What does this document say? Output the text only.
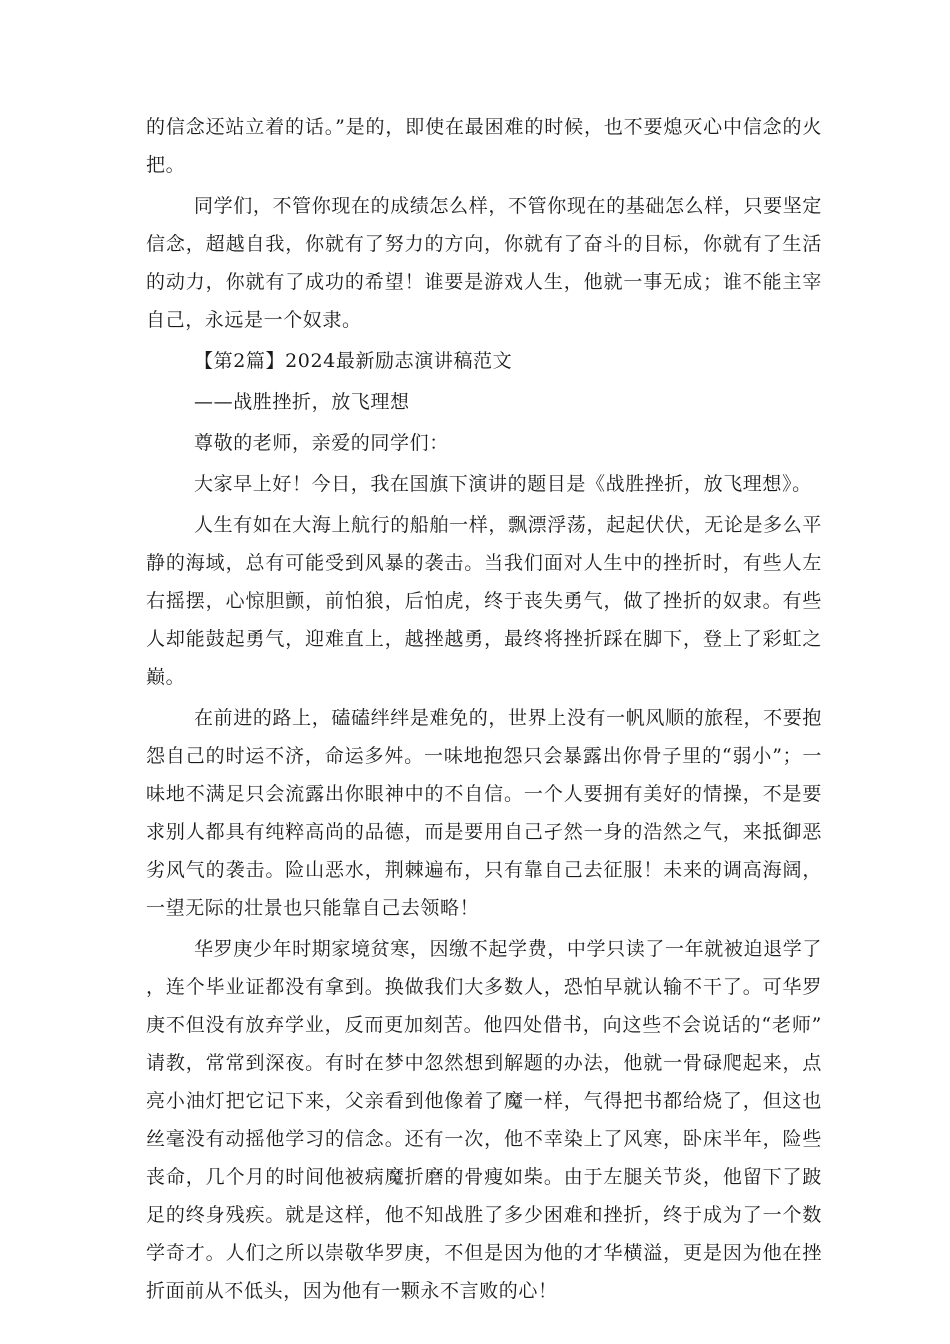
的信念还站立着的话。”是的，即使在最困难的时候，也不要熄灭心中信念的火把。

同学们，不管你现在的成绩怎么样，不管你现在的基础怎么样，只要坚定信念，超越自我，你就有了努力的方向，你就有了奋斗的目标，你就有了生活的动力，你就有了成功的希望！谁要是游戏人生，他就一事无成；谁不能主宰自己，永远是一个奴隶。

【第2篇】2024最新励志演讲稿范文

——战胜挫折，放飞理想

尊敬的老师，亲爱的同学们：

大家早上好！今日，我在国旗下演讲的题目是《战胜挫折，放飞理想》。

人生有如在大海上航行的船舶一样，飘漂浮荡，起起伏伏，无论是多么平静的海域，总有可能受到风暴的袭击。当我们面对人生中的挫折时，有些人左右摇摆，心惊胆颤，前怕狼，后怕虎，终于丧失勇气，做了挫折的奴隶。有些人却能鼓起勇气，迎难直上，越挫越勇，最终将挫折踩在脚下，登上了彩虹之巅。

在前进的路上，磕磕绊绊是难免的，世界上没有一帆风顺的旅程，不要抱怨自己的时运不济，命运多舛。一味地抱怨只会暴露出你骨子里的“弱小”；一味地不满足只会流露出你眼神中的不自信。一个人要拥有美好的情操，不是要求别人都具有纯粹高尚的品德，而是要用自己孑然一身的浩然之气，来抵御恶劣风气的袭击。险山恶水，荆棘遍布，只有靠自己去征服！未来的调高海阔，一望无际的壮景也只能靠自己去领略！

华罗庚少年时期家境贫寒，因缴不起学费，中学只读了一年就被迫退学了，连个毕业证都没有拿到。换做我们大多数人，恐怕早就认输不干了。可华罗庚不但没有放弃学业，反而更加刻苦。他四处借书，向这些不会说话的“老师”请教，常常到深夜。有时在梦中忽然想到解题的办法，他就一骨碌爬起来，点亮小油灯把它记下来，父亲看到他像着了魔一样，气得把书都给烧了，但这也丝毫没有动摇他学习的信念。还有一次，他不幸染上了风寒，卧床半年，险些丧命，几个月的时间他被病魔折磨的骨瘦如柴。由于左腿关节炎，他留下了跛足的终身残疾。就是这样，他不知战胜了多少困难和挫折，终于成为了一个数学奇才。人们之所以崇敬华罗庚，不但是因为他的才华横溢，更是因为他在挫折面前从不低头，因为他有一颗永不言败的心！
